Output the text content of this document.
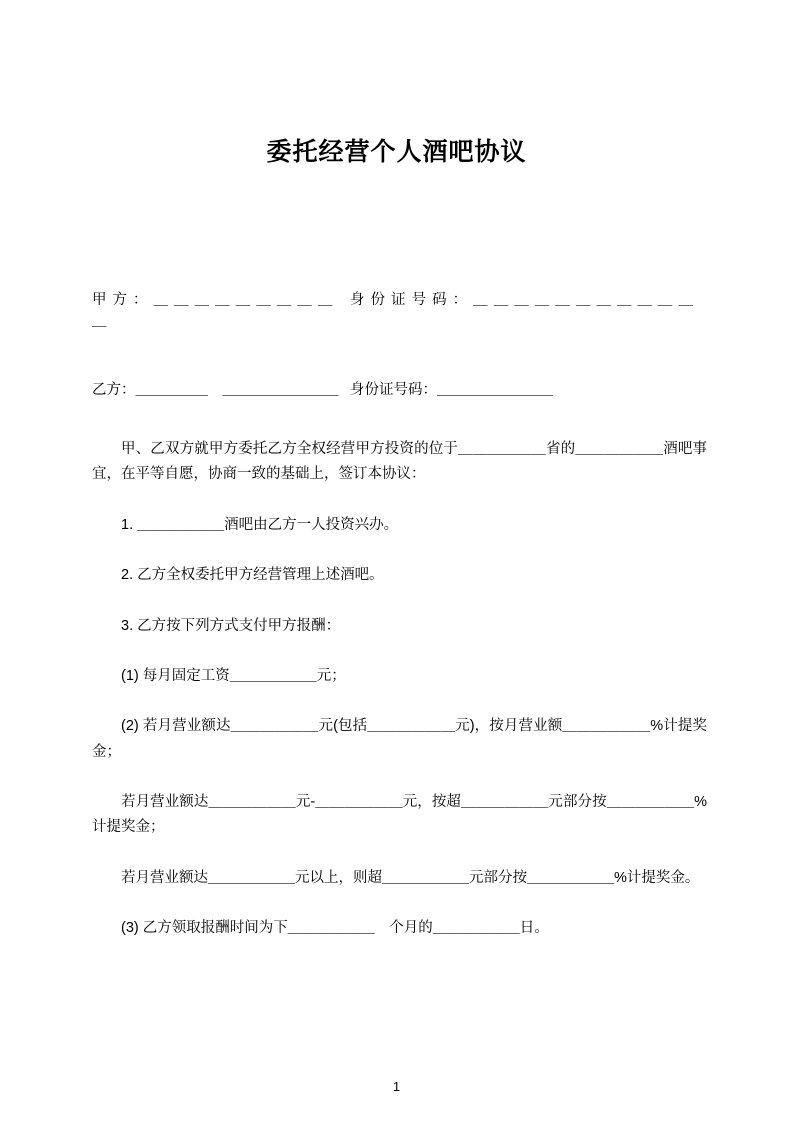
委托经营个人酒吧协议
甲 方 ： ＿ ＿ ＿ ＿ ＿ ＿ ＿ ＿ ＿ ＿
身 份 证 号 码 ： ＿ ＿ ＿ ＿ ＿ ＿ ＿ ＿ ＿ ＿ ＿
乙方：＿＿＿＿＿　＿＿＿＿＿＿＿＿ 身份证号码：＿＿＿＿＿＿＿＿

甲、乙双方就甲方委托乙方全权经营甲方投资的位于＿＿＿＿＿＿省的＿＿＿＿＿＿酒吧事宜，在平等自愿，协商一致的基础上，签订本协议：

1. ＿＿＿＿＿＿酒吧由乙方一人投资兴办。

2. 乙方全权委托甲方经营管理上述酒吧。

3. 乙方按下列方式支付甲方报酬：

(1) 每月固定工资＿＿＿＿＿＿元；

(2) 若月营业额达＿＿＿＿＿＿元(包括＿＿＿＿＿＿元)，按月营业额＿＿＿＿＿＿%计提奖金；

若月营业额达＿＿＿＿＿＿元-＿＿＿＿＿＿元，按超＿＿＿＿＿＿元部分按＿＿＿＿＿＿%计提奖金；

若月营业额达＿＿＿＿＿＿元以上，则超＿＿＿＿＿＿元部分按＿＿＿＿＿＿%计提奖金。

(3) 乙方领取报酬时间为下＿＿＿＿＿＿　个月的＿＿＿＿＿＿日。

1
